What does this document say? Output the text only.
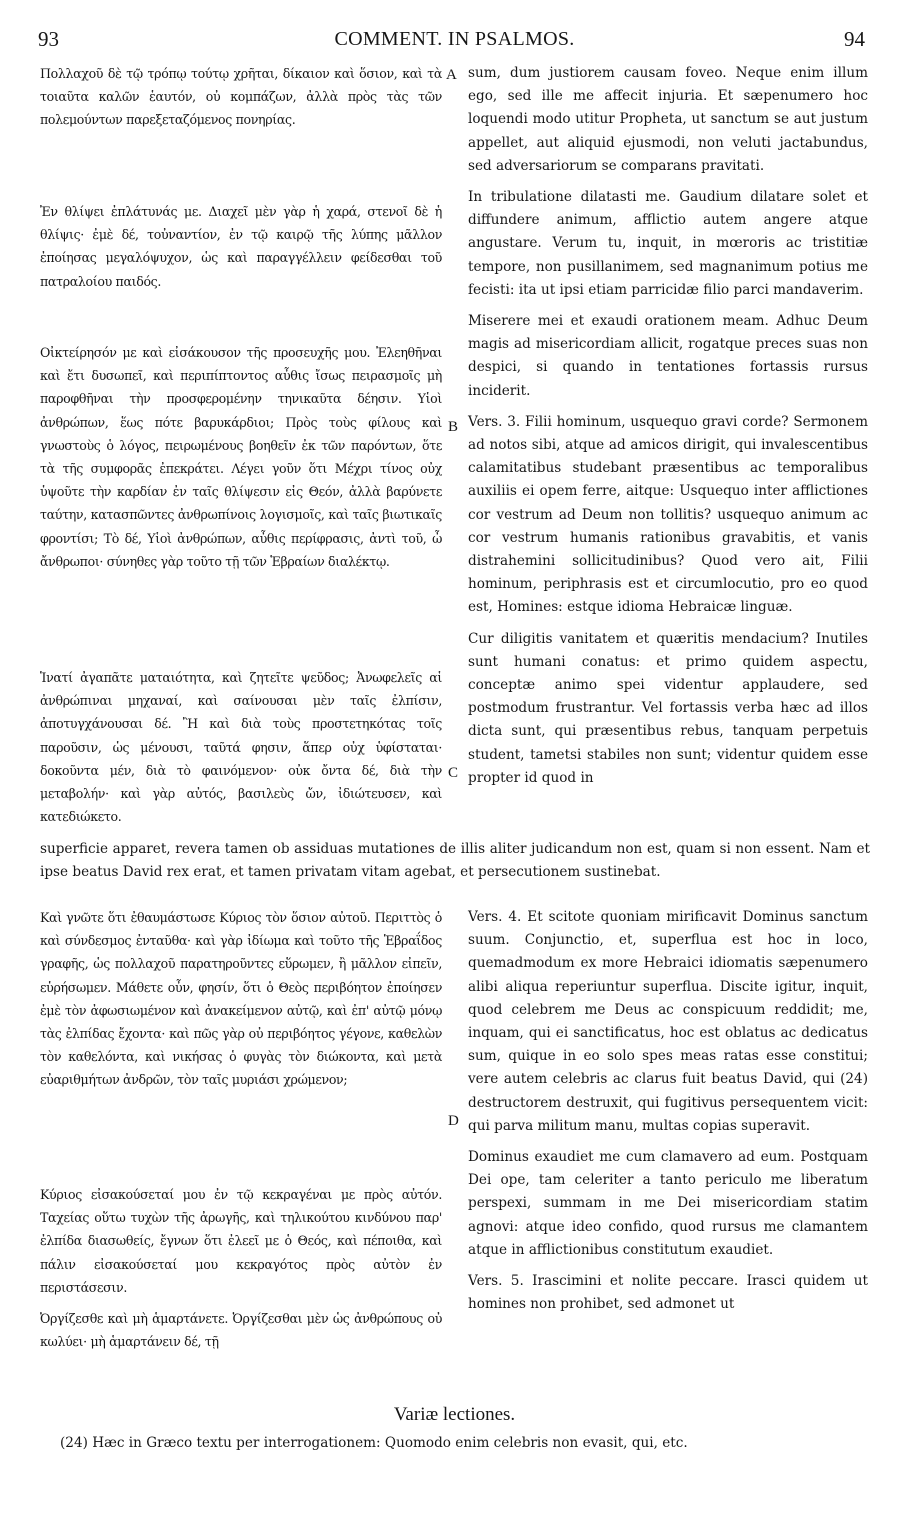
93	COMMENT. IN PSALMOS.	94

Πολλαχοῦ δὲ τῷ τρόπῳ τούτῳ χρῆται, δίκαιον καὶ ὅσιον, καὶ τὰ τοιαῦτα καλῶν ἑαυτόν, οὐ κομπάζων, ἀλλὰ πρὸς τὰς τῶν πολεμούντων παρεξεταζόμενος πονηρίας.

Ἐν θλίψει ἐπλάτυνάς με. Διαχεῖ μὲν γὰρ ἡ χαρά, στενοῖ δὲ ἡ θλίψις· ἐμὲ δέ, τοὐναντίον, ἐν τῷ καιρῷ τῆς λύπης μᾶλλον ἐποίησας μεγαλόψυχον, ὡς καὶ παραγγέλλειν φείδεσθαι τοῦ πατραλοίου παιδός.

Οἰκτείρησόν με καὶ εἰσάκουσον τῆς προσευχῆς μου. Ἐλεηθῆναι καὶ ἔτι δυσωπεῖ, καὶ περιπίπτοντος αὖθις ἴσως πειρασμοῖς μὴ παροφθῆναι τὴν προσφερομένην τηνικαῦτα δέησιν. Υἱοὶ ἀνθρώπων, ἕως πότε βαρυκάρδιοι; Πρὸς τοὺς φίλους καὶ γνωστοὺς ὁ λόγος, πειρωμένους βοηθεῖν ἐκ τῶν παρόντων, ὅτε τὰ τῆς συμφορᾶς ἐπεκράτει. Λέγει γοῦν ὅτι Μέχρι τίνος οὐχ ὑψοῦτε τὴν καρδίαν ἐν ταῖς θλίψεσιν εἰς Θεόν, ἀλλὰ βαρύνετε ταύτην, κατασπῶντες ἀνθρωπίνοις λογισμοῖς, καὶ ταῖς βιωτικαῖς φροντίσι; Τὸ δέ, Υἱοὶ ἀνθρώπων, αὖθις περίφρασις, ἀντὶ τοῦ, ὦ ἄνθρωποι· σύνηθες γὰρ τοῦτο τῇ τῶν Ἑβραίων διαλέκτῳ.

Ἱνατί ἀγαπᾶτε ματαιότητα, καὶ ζητεῖτε ψεῦδος; Ἀνωφελεῖς αἱ ἀνθρώπιναι μηχαναί, καὶ σαίνουσαι μὲν ταῖς ἐλπίσιν, ἀποτυγχάνουσαι δέ. Ἢ καὶ διὰ τοὺς προστετηκότας τοῖς παροῦσιν, ὡς μένουσι, ταῦτά φησιν, ἅπερ οὐχ ὑφίσταται· δοκοῦντα μέν, διὰ τὸ φαινόμενον· οὐκ ὄντα δέ, διὰ τὴν μεταβολήν· καὶ γὰρ αὐτός, βασιλεὺς ὤν, ἰδιώτευσεν, καὶ κατεδιώκετο.

Καὶ γνῶτε ὅτι ἐθαυμάστωσε Κύριος τὸν ὅσιον αὐτοῦ. Περιττὸς ὁ καὶ σύνδεσμος ἐνταῦθα· καὶ γὰρ ἰδίωμα καὶ τοῦτο τῆς Ἑβραΐδος γραφῆς, ὡς πολλαχοῦ παρατηροῦντες εὕρωμεν, ἢ μᾶλλον εἰπεῖν, εὑρήσωμεν. Μάθετε οὖν, φησίν, ὅτι ὁ Θεὸς περιβόητον ἐποίησεν ἐμὲ τὸν ἀφωσιωμένον καὶ ἀνακείμενον αὐτῷ, καὶ ἐπ' αὐτῷ μόνῳ τὰς ἐλπίδας ἔχοντα· καὶ πῶς γὰρ οὐ περιβόητος γέγονε, καθελὼν τὸν καθελόντα, καὶ νικήσας ὁ φυγὰς τὸν διώκοντα, καὶ μετὰ εὐαριθμήτων ἀνδρῶν, τὸν ταῖς μυριάσι χρώμενον;

Κύριος εἰσακούσεταί μου ἐν τῷ κεκραγέναι με πρὸς αὐτόν. Ταχείας οὕτω τυχὼν τῆς ἀρωγῆς, καὶ τηλικούτου κινδύνου παρ' ἐλπίδα διασωθείς, ἔγνων ὅτι ἐλεεῖ με ὁ Θεός, καὶ πέποιθα, καὶ πάλιν εἰσακούσεταί μου κεκραγότος πρὸς αὐτὸν ἐν περιστάσεσιν.

Ὀργίζεσθε καὶ μὴ ἁμαρτάνετε. Ὀργίζεσθαι μὲν ὡς ἀνθρώπους οὐ κωλύει· μὴ ἁμαρτάνειν δέ, τῇ

sum, dum justiorem causam foveo. Neque enim illum ego, sed ille me affecit injuria. Et sæpenumero hoc loquendi modo utitur Propheta, ut sanctum se aut justum appellet, aut aliquid ejusmodi, non veluti jactabundus, sed adversariorum se comparans pravitati.

In tribulatione dilatasti me. Gaudium dilatare solet et diffundere animum, afflictio autem angere atque angustare. Verum tu, inquit, in mœroris ac tristitiæ tempore, non pusillanimem, sed magnanimum potius me fecisti: ita ut ipsi etiam parricidæ filio parci mandaverim.

Miserere mei et exaudi orationem meam. Adhuc Deum magis ad misericordiam allicit, rogatque preces suas non despici, si quando in tentationes fortassis rursus inciderit.

Vers. 3. Filii hominum, usquequo gravi corde? Sermonem ad notos sibi, atque ad amicos dirigit, qui invalescentibus calamitatibus studebant præsentibus ac temporalibus auxiliis ei opem ferre, aitque: Usquequo inter afflictiones cor vestrum ad Deum non tollitis? usquequo animum ac cor vestrum humanis rationibus gravabitis, et vanis distrahemini sollicitudinibus? Quod vero ait, Filii hominum, periphrasis est et circumlocutio, pro eo quod est, Homines: estque idioma Hebraicæ linguæ.

Cur diligitis vanitatem et quæritis mendacium? Inutiles sunt humani conatus: et primo quidem aspectu, conceptæ animo spei videntur applaudere, sed postmodum frustrantur. Vel fortassis verba hæc ad illos dicta sunt, qui præsentibus rebus, tanquam perpetuis student, tametsi stabiles non sunt; videntur quidem esse propter id quod in

superficie apparet, revera tamen ob assiduas mutationes de illis aliter judicandum non est, quam si non essent. Nam et ipse beatus David rex erat, et tamen privatam vitam agebat, et persecutionem sustinebat.

Vers. 4. Et scitote quoniam mirificavit Dominus sanctum suum. Conjunctio, et, superflua est hoc in loco, quemadmodum ex more Hebraici idiomatis sæpenumero alibi aliqua reperiuntur superflua. Discite igitur, inquit, quod celebrem me Deus ac conspicuum reddidit; me, inquam, qui ei sanctificatus, hoc est oblatus ac dedicatus sum, quique in eo solo spes meas ratas esse constitui; vere autem celebris ac clarus fuit beatus David, qui (24) destructorem destruxit, qui fugitivus persequentem vicit: qui parva militum manu, multas copias superavit.

Dominus exaudiet me cum clamavero ad eum. Postquam Dei ope, tam celeriter a tanto periculo me liberatum perspexi, summam in me Dei misericordiam statim agnovi: atque ideo confido, quod rursus me clamantem atque in afflictionibus constitutum exaudiet.

Vers. 5. Irascimini et nolite peccare. Irasci quidem ut homines non prohibet, sed admonet ut

A
B
C
D
Variæ lectiones.
(24) Hæc in Græco textu per interrogationem: Quomodo enim celebris non evasit, qui, etc.
